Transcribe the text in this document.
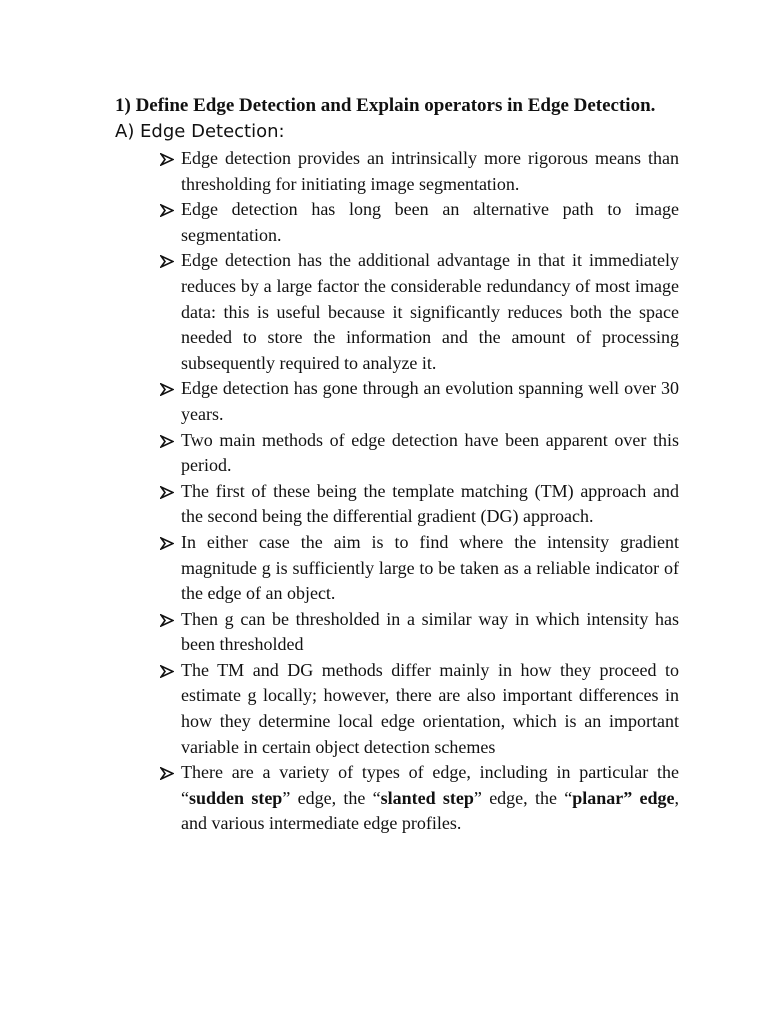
1) Define Edge Detection and Explain operators in Edge Detection.
A) Edge Detection:
Edge detection provides an intrinsically more rigorous means than thresholding for initiating image segmentation.
Edge detection has long been an alternative path to image segmentation.
Edge detection has the additional advantage in that it immediately reduces by a large factor the considerable redundancy of most image data: this is useful because it significantly reduces both the space needed to store the information and the amount of processing subsequently required to analyze it.
Edge detection has gone through an evolution spanning well over 30 years.
Two main methods of edge detection have been apparent over this period.
The first of these being the template matching (TM) approach and the second being the differential gradient (DG) approach.
In either case the aim is to find where the intensity gradient magnitude g is sufficiently large to be taken as a reliable indicator of the edge of an object.
Then g can be thresholded in a similar way in which intensity has been thresholded
The TM and DG methods differ mainly in how they proceed to estimate g locally; however, there are also important differences in how they determine local edge orientation, which is an important variable in certain object detection schemes
There are a variety of types of edge, including in particular the “sudden step” edge, the “slanted step” edge, the “planar” edge, and various intermediate edge profiles.
